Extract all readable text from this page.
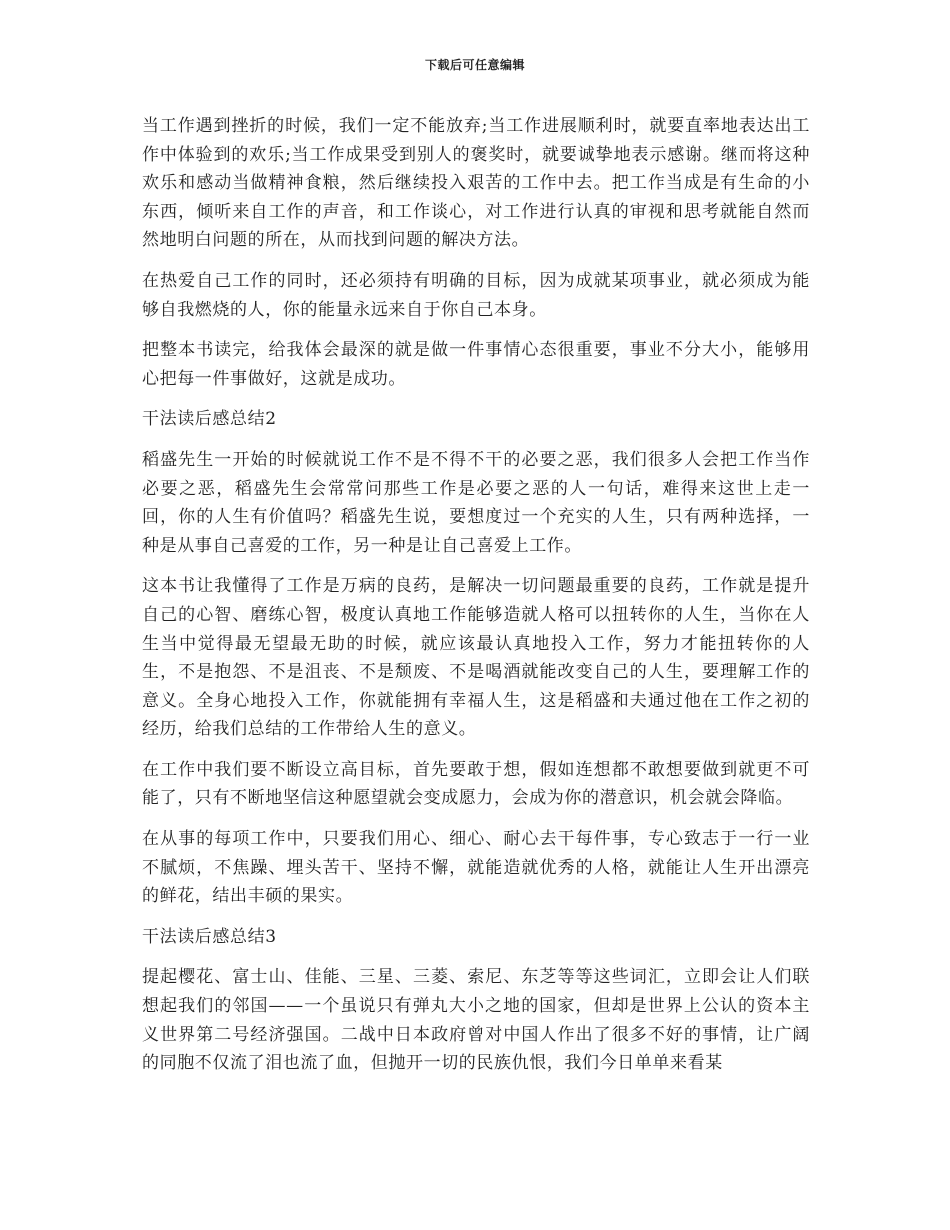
下载后可任意编辑

当工作遇到挫折的时候，我们一定不能放弃;当工作进展顺利时，就要直率地表达出工作中体验到的欢乐;当工作成果受到别人的褒奖时，就要诚挚地表示感谢。继而将这种欢乐和感动当做精神食粮，然后继续投入艰苦的工作中去。把工作当成是有生命的小东西，倾听来自工作的声音，和工作谈心，对工作进行认真的审视和思考就能自然而然地明白问题的所在，从而找到问题的解决方法。

在热爱自己工作的同时，还必须持有明确的目标，因为成就某项事业，就必须成为能够自我燃烧的人，你的能量永远来自于你自己本身。

把整本书读完，给我体会最深的就是做一件事情心态很重要，事业不分大小，能够用心把每一件事做好，这就是成功。

干法读后感总结2

稻盛先生一开始的时候就说工作不是不得不干的必要之恶，我们很多人会把工作当作必要之恶，稻盛先生会常常问那些工作是必要之恶的人一句话，难得来这世上走一回，你的人生有价值吗？稻盛先生说，要想度过一个充实的人生，只有两种选择，一种是从事自己喜爱的工作，另一种是让自己喜爱上工作。

这本书让我懂得了工作是万病的良药，是解决一切问题最重要的良药，工作就是提升自己的心智、磨练心智，极度认真地工作能够造就人格可以扭转你的人生，当你在人生当中觉得最无望最无助的时候，就应该最认真地投入工作，努力才能扭转你的人生，不是抱怨、不是沮丧、不是颓废、不是喝酒就能改变自己的人生，要理解工作的意义。全身心地投入工作，你就能拥有幸福人生，这是稻盛和夫通过他在工作之初的经历，给我们总结的工作带给人生的意义。

在工作中我们要不断设立高目标，首先要敢于想，假如连想都不敢想要做到就更不可能了，只有不断地坚信这种愿望就会变成愿力，会成为你的潜意识，机会就会降临。

在从事的每项工作中，只要我们用心、细心、耐心去干每件事，专心致志于一行一业不腻烦，不焦躁、埋头苦干、坚持不懈，就能造就优秀的人格，就能让人生开出漂亮的鲜花，结出丰硕的果实。

干法读后感总结3

提起樱花、富士山、佳能、三星、三菱、索尼、东芝等等这些词汇，立即会让人们联想起我们的邻国——一个虽说只有弹丸大小之地的国家，但却是世界上公认的资本主义世界第二号经济强国。二战中日本政府曾对中国人作出了很多不好的事情，让广阔的同胞不仅流了泪也流了血，但抛开一切的民族仇恨，我们今日单单来看某
